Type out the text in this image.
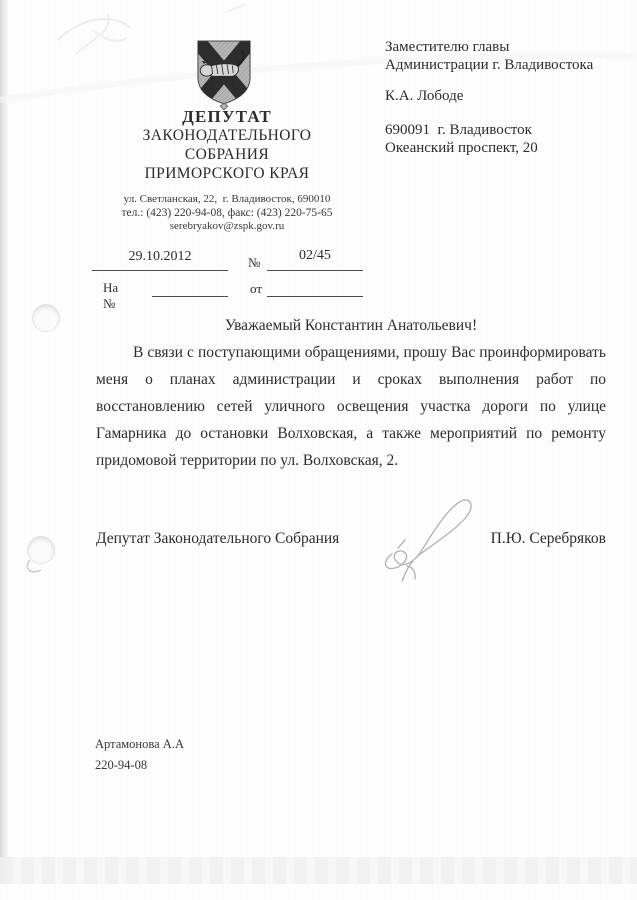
ДЕПУТАТ
ЗАКОНОДАТЕЛЬНОГО
СОБРАНИЯ
ПРИМОРСКОГО КРАЯ
ул. Светланская, 22,  г. Владивосток, 690010
тел.: (423) 220-94-08, факс: (423) 220-75-65
serebryakov@zspk.gov.ru
Заместителю главы
Администрации г. Владивостока
К.А. Лободе
690091  г. Владивосток
Океанский проспект, 20
29.10.2012	№	02/45
На №
от
Уважаемый Константин Анатольевич!
В связи с поступающими обращениями, прошу Вас проинформировать
меня о планах администрации и сроках выполнения работ по
восстановлению сетей уличного освещения участка дороги по улице
Гамарника до остановки Волховская, а также мероприятий по ремонту
придомовой территории по ул. Волховская, 2.
Депутат Законодательного Собрания	П.Ю. Серебряков
Артамонова А.А
220-94-08
